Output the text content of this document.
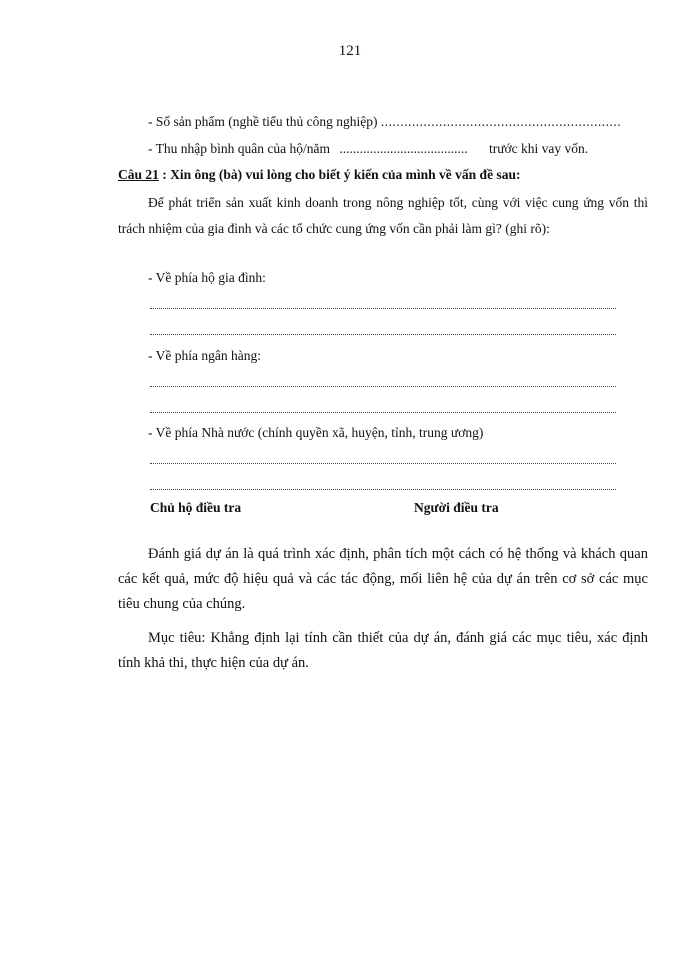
121
- Số sản phẩm (nghề tiểu thủ công nghiệp) ..............................................................
- Thu nhập bình quân của hộ/năm ...................................... trước khi vay vốn.
Câu 21 : Xin ông (bà) vui lòng cho biết ý kiến của mình về vấn đề sau:
Để phát triển sản xuất kinh doanh trong nông nghiệp tốt, cùng với việc cung ứng vốn thì trách nhiệm của gia đình và các tổ chức cung ứng vốn cần phải làm gì? (ghi rõ):
- Về phía hộ gia đình:
- Về phía ngân hàng:
- Về phía Nhà nước (chính quyền xã, huyện, tỉnh, trung ương)
Chủ hộ điều tra	Người điều tra
Đánh giá dự án là quá trình xác định, phân tích một cách có hệ thống và khách quan các kết quả, mức độ hiệu quả và các tác động, mối liên hệ của dự án trên cơ sở các mục tiêu chung của chúng.
Mục tiêu: Khẳng định lại tính cần thiết của dự án, đánh giá các mục tiêu, xác định tính khả thi, thực hiện của dự án.
